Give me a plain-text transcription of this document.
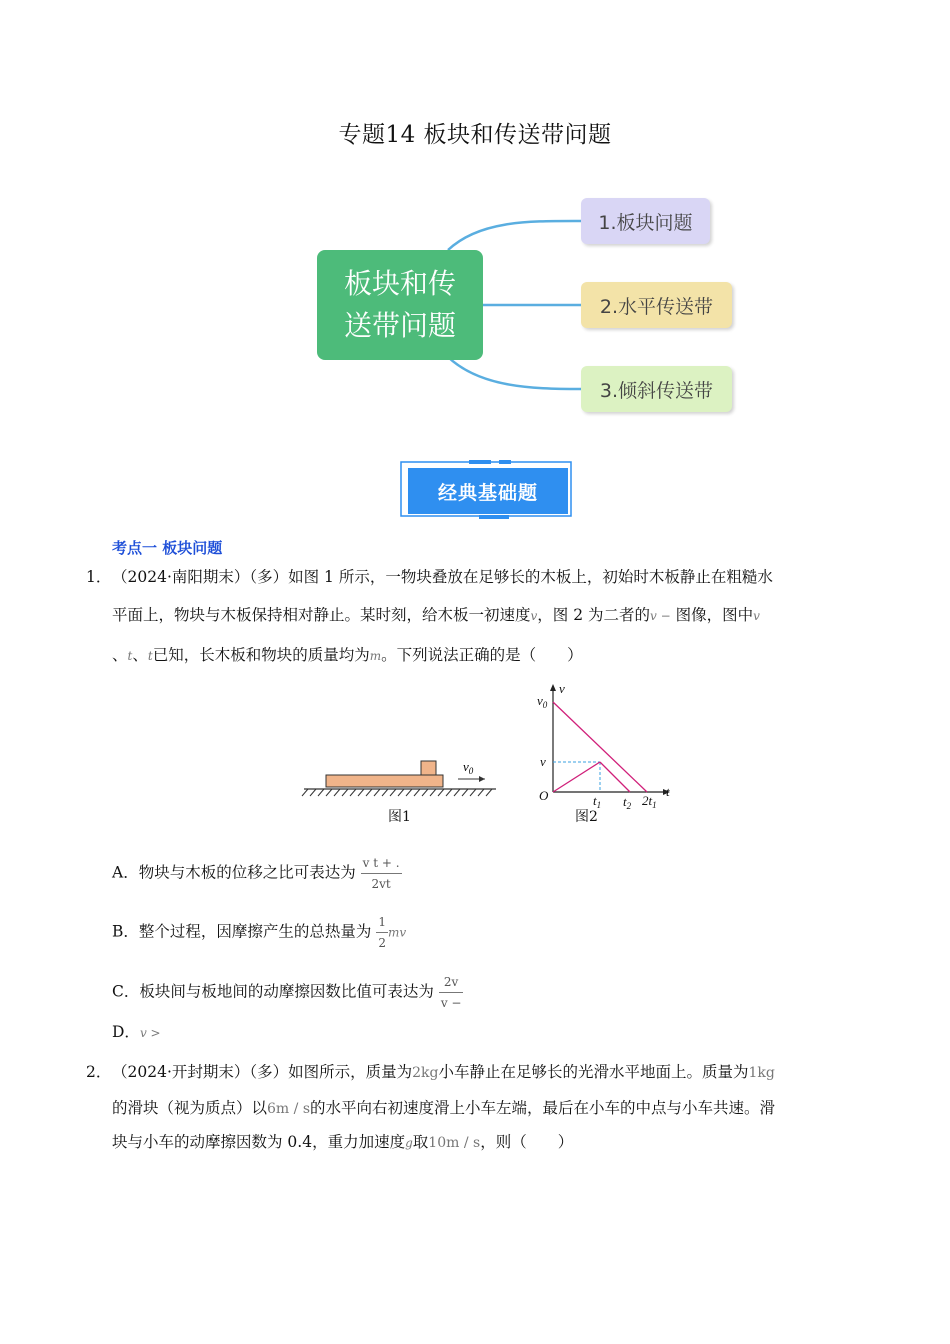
专题14 板块和传送带问题
板块和传
送带问题
1.板块问题
2.水平传送带
3.倾斜传送带
经典基础题
考点一 板块问题
1． （2024·南阳期末）（多）如图 1 所示，一物块叠放在足够长的木板上，初始时木板静止在粗糙水
平面上，物块与木板保持相对静止。某时刻，给木板一初速度v，图 2 为二者的v − 图像，图中v
、t、t已知，长木板和物块的质量均为m。下列说法正确的是（　　）
$v_0$
图1
v
$v_0$
v
O	t
$t_1$ $t_2$ $2t_1$
图2
A．物块与木板的位移之比可表达为 $\frac{\text{v t + .}}{2vt}$
B．整个过程，因摩擦产生的总热量为 $\frac{1}{2}$ mv
C．板块间与板地间的动摩擦因数比值可表达为 $\frac{2v}{v -}$
D．v >
2． （2024·开封期末）（多）如图所示，质量为2kg小车静止在足够长的光滑水平地面上。质量为1kg
的滑块（视为质点）以6m / s的水平向右初速度滑上小车左端，最后在小车的中点与小车共速。滑
块与小车的动摩擦因数为 0.4，重力加速度g取10m / s，则（　　）
